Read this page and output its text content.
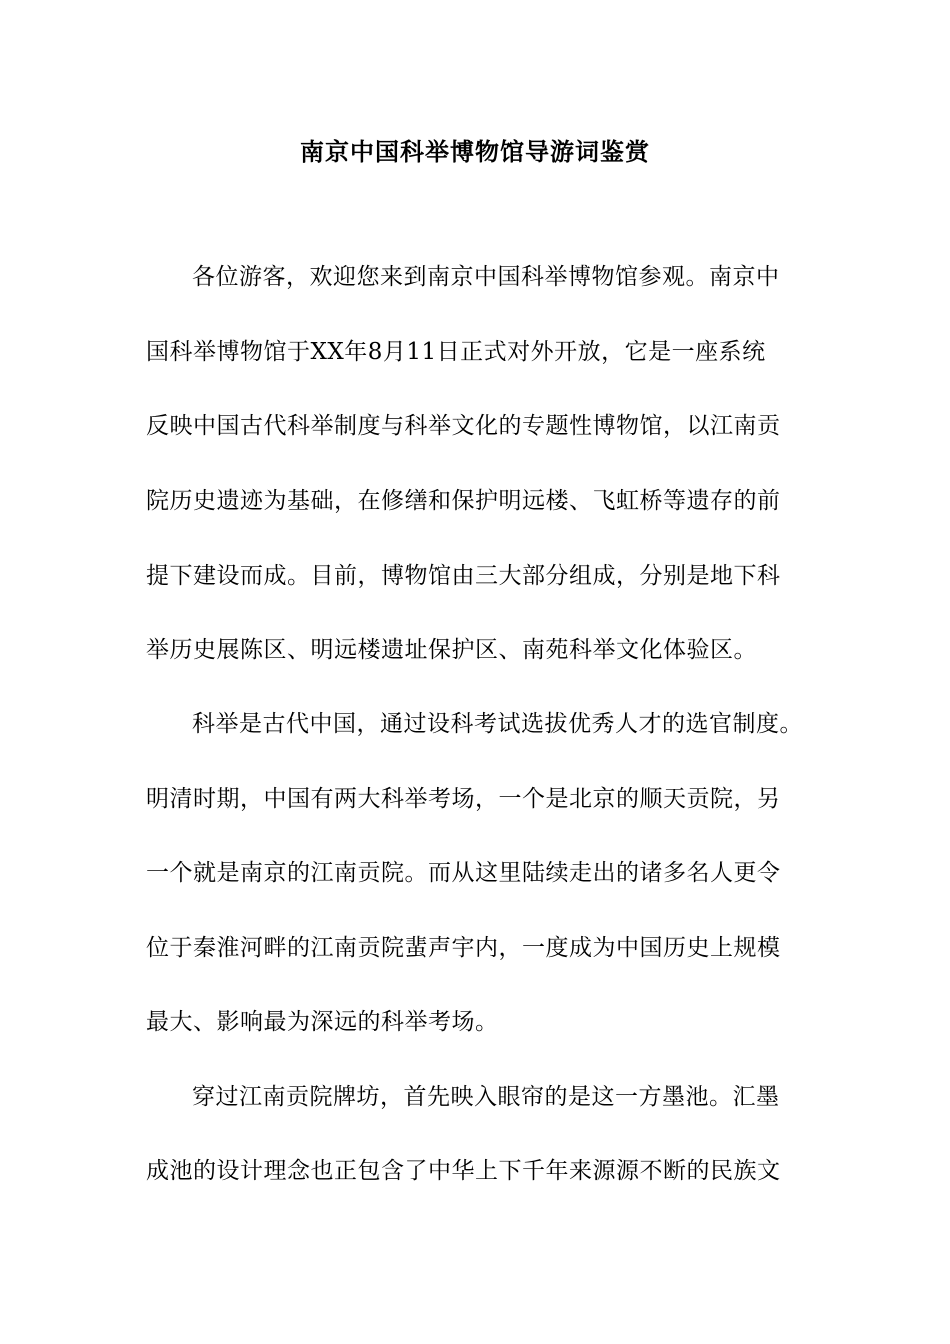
南京中国科举博物馆导游词鉴赏
各位游客，欢迎您来到南京中国科举博物馆参观。南京中
国科举博物馆于XX年8月11日正式对外开放，它是一座系统
反映中国古代科举制度与科举文化的专题性博物馆，以江南贡
院历史遗迹为基础，在修缮和保护明远楼、飞虹桥等遗存的前
提下建设而成。目前，博物馆由三大部分组成，分别是地下科
举历史展陈区、明远楼遗址保护区、南苑科举文化体验区。
科举是古代中国，通过设科考试选拔优秀人才的选官制度。
明清时期，中国有两大科举考场，一个是北京的顺天贡院，另
一个就是南京的江南贡院。而从这里陆续走出的诸多名人更令
位于秦淮河畔的江南贡院蜚声宇内，一度成为中国历史上规模
最大、影响最为深远的科举考场。
穿过江南贡院牌坊，首先映入眼帘的是这一方墨池。汇墨
成池的设计理念也正包含了中华上下千年来源源不断的民族文
